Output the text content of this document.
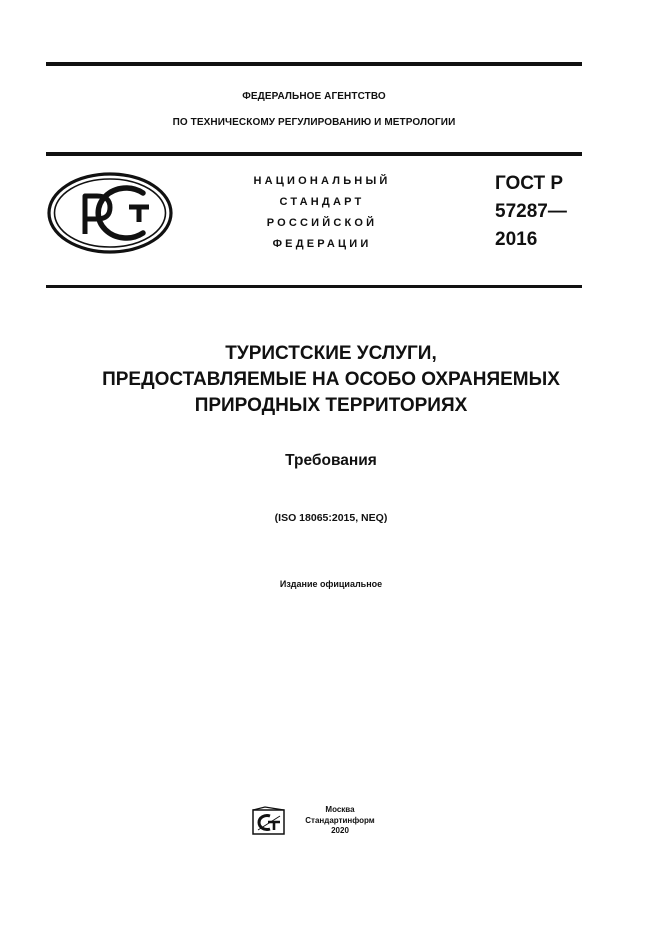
ФЕДЕРАЛЬНОЕ АГЕНТСТВО
ПО ТЕХНИЧЕСКОМУ РЕГУЛИРОВАНИЮ И МЕТРОЛОГИИ
НАЦИОНАЛЬНЫЙ
СТАНДАРТ
РОССИЙСКОЙ
ФЕДЕРАЦИИ
ГОСТ Р
57287—
2016
ТУРИСТСКИЕ УСЛУГИ,
ПРЕДОСТАВЛЯЕМЫЕ НА ОСОБО ОХРАНЯЕМЫХ
ПРИРОДНЫХ ТЕРРИТОРИЯХ
Требования
(ISO 18065:2015, NEQ)
Издание официальное
Москва
Стандартинформ
2020
